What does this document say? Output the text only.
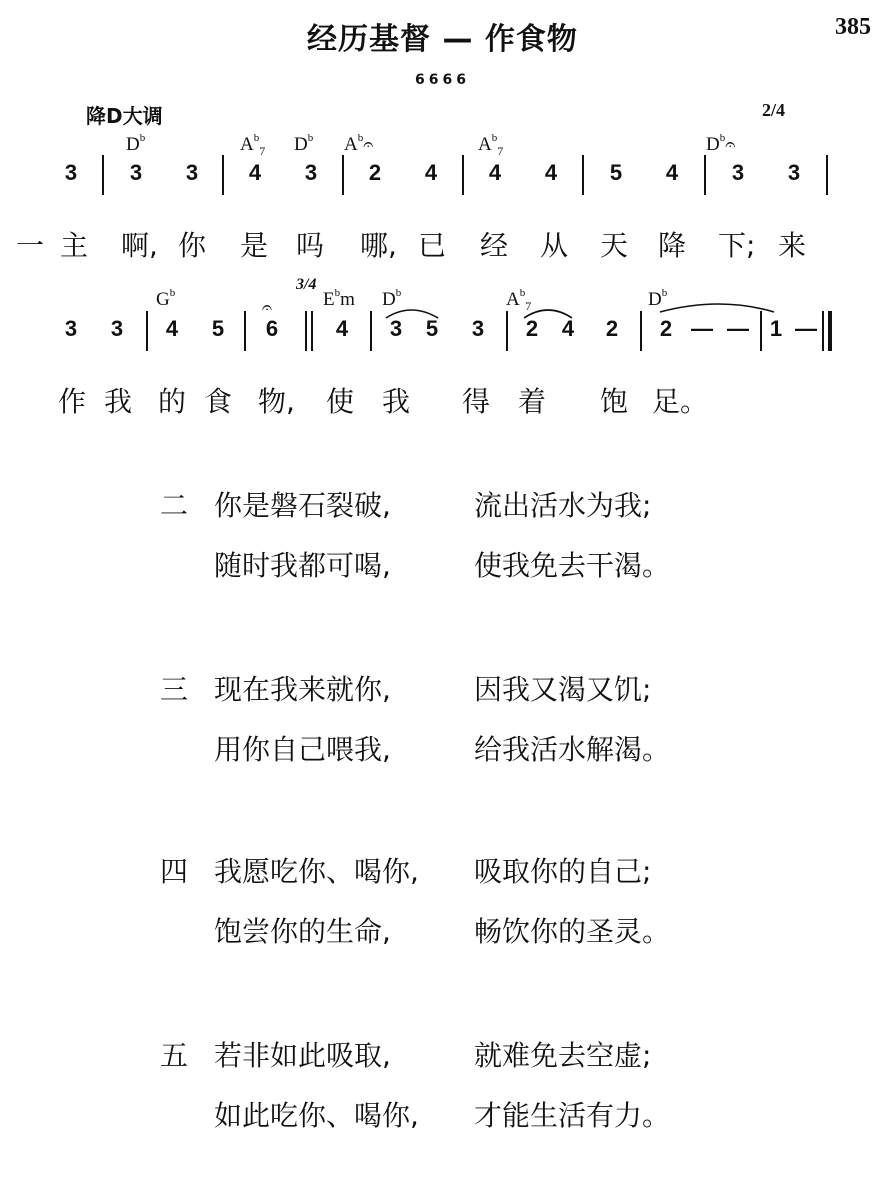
经历基督 — 作食物	385
6666
降D大调	2/4
$D^b$	$A^b_7$ $D^b$ $A^b𝄐$	$A^b_7$	$D^b𝄐$
3 3 3 4 3 2 4 4 4 5 4 3 3
一 主 啊, 你 是 吗 哪, 已 经 从 天 降 下; 来
$G^b$
𝄐
3/4
$E^bm$ $D^b$	$A^b_7$	$D^b$
3 3 4 5 6	4 3 5 3 2 4 2 2 — — 1 —
作 我 的 食 物, 使 我 得 着 饱 足。
二 你是磐石裂破,	流出活水为我;
随时我都可喝,	使我免去干渴。
三 现在我来就你,	因我又渴又饥;
用你自己喂我,	给我活水解渴。
四 我愿吃你、喝你, 吸取你的自己;
饱尝你的生命,	畅饮你的圣灵。
五 若非如此吸取,	就难免去空虚;
如此吃你、喝你, 才能生活有力。
